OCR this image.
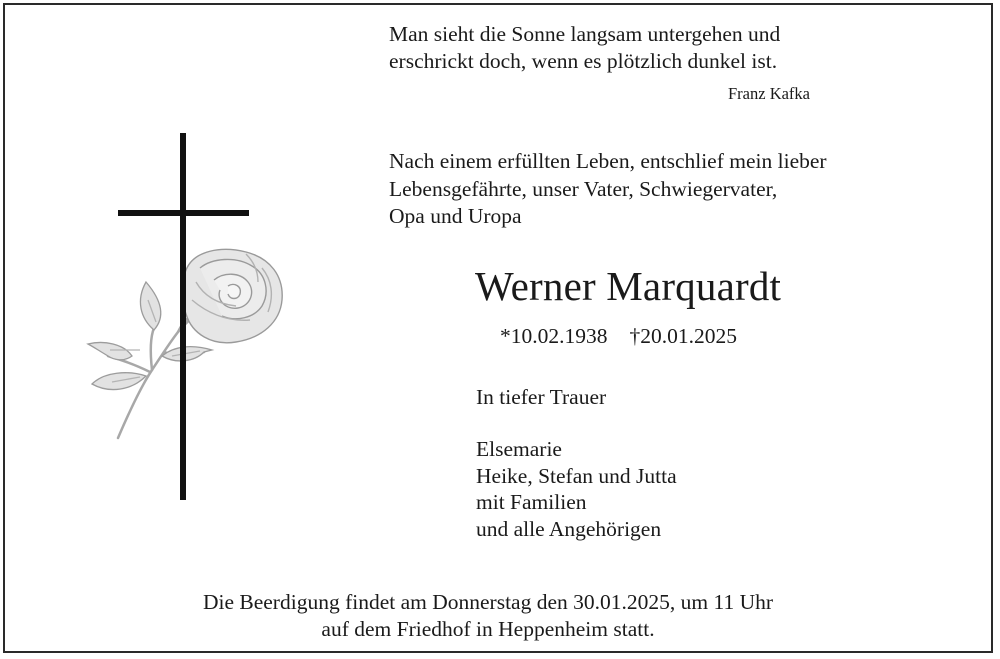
Man sieht die Sonne langsam untergehen und
erschrickt doch, wenn es plötzlich dunkel ist.
Franz Kafka
Nach einem erfüllten Leben, entschlief mein lieber
Lebensgefährte, unser Vater, Schwiegervater,
Opa und Uropa
Werner Marquardt
*10.02.1938 †20.01.2025
In tiefer Trauer
Elsemarie
Heike, Stefan und Jutta
mit Familien
und alle Angehörigen
Die Beerdigung findet am Donnerstag den 30.01.2025, um 11 Uhr
auf dem Friedhof in Heppenheim statt.
